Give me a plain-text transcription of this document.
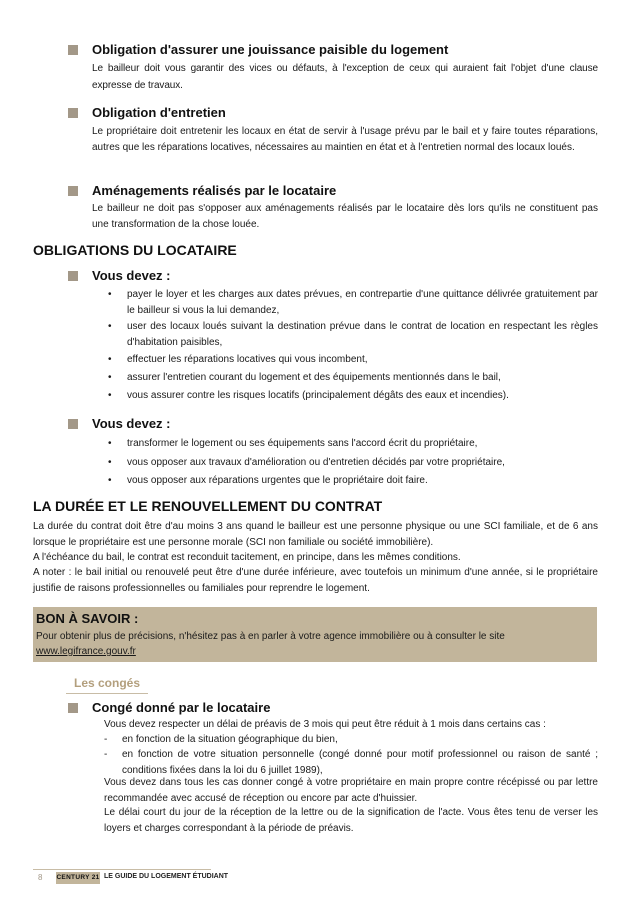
Obligation d'assurer une jouissance paisible du logement
Le bailleur doit vous garantir des vices ou défauts, à l'exception de ceux qui auraient fait l'objet d'une clause expresse de travaux.
Obligation d'entretien
Le propriétaire doit entretenir les locaux en état de servir à l'usage prévu par le bail et y faire toutes réparations, autres que les réparations locatives, nécessaires au maintien en état et à l'entretien normal des locaux loués.
Aménagements réalisés par le locataire
Le bailleur ne doit pas s'opposer aux aménagements réalisés par le locataire dès lors qu'ils ne constituent pas une transformation de la chose louée.
OBLIGATIONS DU LOCATAIRE
Vous devez :
• payer le loyer et les charges aux dates prévues, en contrepartie d'une quittance délivrée gratuitement par le bailleur si vous la lui demandez,
• user des locaux loués suivant la destination prévue dans le contrat de location en respectant les règles d'habitation paisibles,
• effectuer les réparations locatives qui vous incombent,
• assurer l'entretien courant du logement et des équipements mentionnés dans le bail,
• vous assurer contre les risques locatifs (principalement dégâts des eaux et incendies).
Vous devez :
• transformer le logement ou ses équipements sans l'accord écrit du propriétaire,
• vous opposer aux travaux d'amélioration ou d'entretien décidés par votre propriétaire,
• vous opposer aux réparations urgentes que le propriétaire doit faire.
LA DURÉE ET LE RENOUVELLEMENT DU CONTRAT
La durée du contrat doit être d'au moins 3 ans quand le bailleur est une personne physique ou une SCI familiale, et de 6 ans lorsque le propriétaire est une personne morale (SCI non familiale ou société immobilière).
A l'échéance du bail, le contrat est reconduit tacitement, en principe, dans les mêmes conditions.
A noter : le bail initial ou renouvelé peut être d'une durée inférieure, avec toutefois un minimum d'une année, si le propriétaire justifie de raisons professionnelles ou familiales pour reprendre le logement.
BON À SAVOIR :
Pour obtenir plus de précisions, n'hésitez pas à en parler à votre agence immobilière ou à consulter le site
www.legifrance.gouv.fr
Les congés
Congé donné par le locataire
Vous devez respecter un délai de préavis de 3 mois qui peut être réduit à 1 mois dans certains cas :
- en fonction de la situation géographique du bien,
- en fonction de votre situation personnelle (congé donné pour motif professionnel ou raison de santé ; conditions fixées dans la loi du 6 juillet 1989),
Vous devez dans tous les cas donner congé à votre propriétaire en main propre contre récépissé ou par lettre recommandée avec accusé de réception ou encore par acte d'huissier.
Le délai court du jour de la réception de la lettre ou de la signification de l'acte. Vous êtes tenu de verser les loyers et charges correspondant à la période de préavis.
8 CENTURY 21 LE GUIDE DU LOGEMENT ÉTUDIANT
